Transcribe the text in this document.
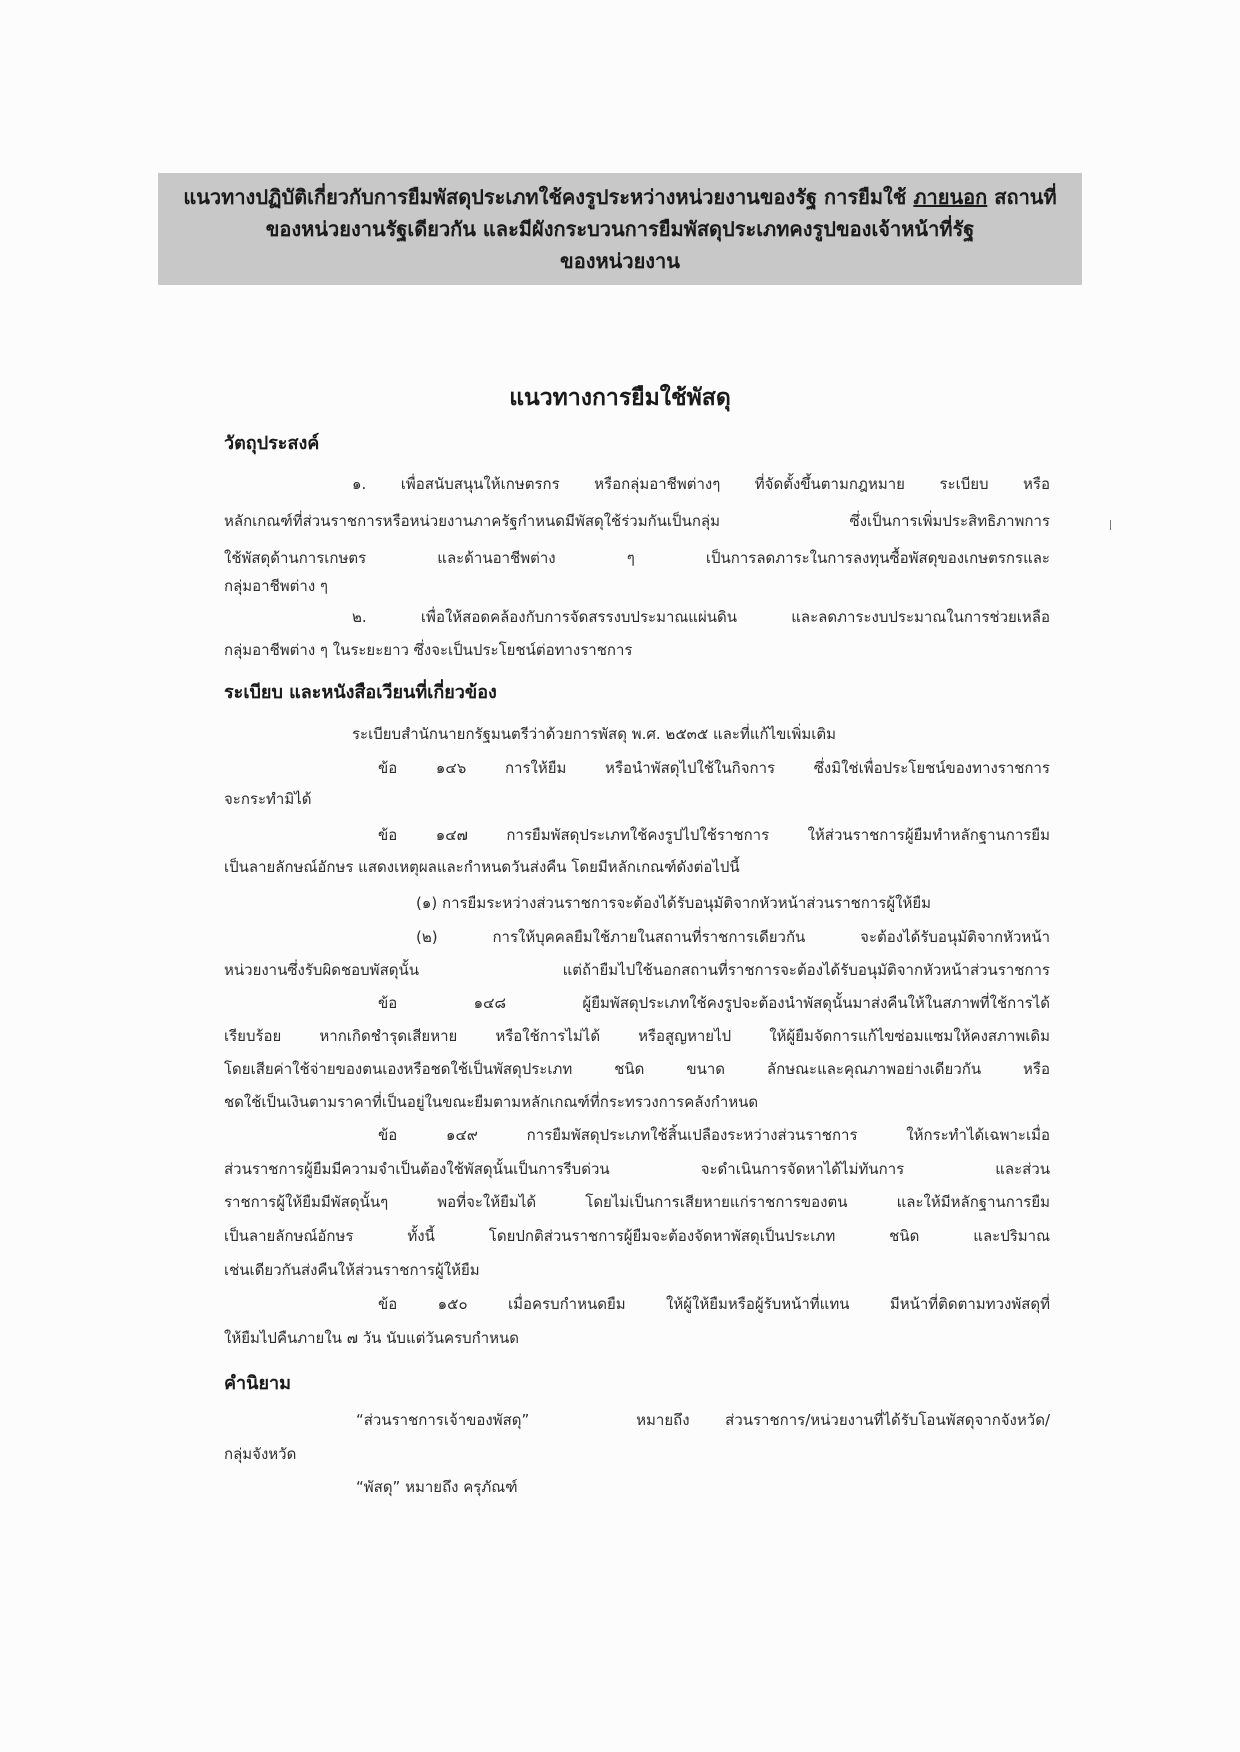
แนวทางปฏิบัติเกี่ยวกับการยืมพัสดุประเภทใช้คงรูประหว่างหน่วยงานของรัฐ การยืมใช้ ภายนอก สถานที่
ของหน่วยงานรัฐเดียวกัน และมีผังกระบวนการยืมพัสดุประเภทคงรูปของเจ้าหน้าที่รัฐ
ของหน่วยงาน
แนวทางการยืมใช้พัสดุ
วัตถุประสงค์
๑. เพื่อสนับสนุนให้เกษตรกร หรือกลุ่มอาชีพต่างๆ ที่จัดตั้งขึ้นตามกฎหมาย ระเบียบ หรือ
หลักเกณฑ์ที่ส่วนราชการหรือหน่วยงานภาครัฐกำหนดมีพัสดุใช้ร่วมกันเป็นกลุ่ม ซึ่งเป็นการเพิ่มประสิทธิภาพการ
ใช้พัสดุด้านการเกษตร และด้านอาชีพต่าง ๆ เป็นการลดภาระในการลงทุนซื้อพัสดุของเกษตรกรและ
กลุ่มอาชีพต่าง ๆ
๒. เพื่อให้สอดคล้องกับการจัดสรรงบประมาณแผ่นดิน และลดภาระงบประมาณในการช่วยเหลือ
กลุ่มอาชีพต่าง ๆ ในระยะยาว ซึ่งจะเป็นประโยชน์ต่อทางราชการ
ระเบียบ และหนังสือเวียนที่เกี่ยวข้อง
ระเบียบสำนักนายกรัฐมนตรีว่าด้วยการพัสดุ พ.ศ. ๒๕๓๕ และที่แก้ไขเพิ่มเติม
ข้อ ๑๔๖ การให้ยืม หรือนำพัสดุไปใช้ในกิจการ ซึ่งมิใช่เพื่อประโยชน์ของทางราชการ
จะกระทำมิได้
ข้อ ๑๔๗ การยืมพัสดุประเภทใช้คงรูปไปใช้ราชการ ให้ส่วนราชการผู้ยืมทำหลักฐานการยืม
เป็นลายลักษณ์อักษร แสดงเหตุผลและกำหนดวันส่งคืน โดยมีหลักเกณฑ์ดังต่อไปนี้
(๑) การยืมระหว่างส่วนราชการจะต้องได้รับอนุมัติจากหัวหน้าส่วนราชการผู้ให้ยืม
(๒) การให้บุคคลยืมใช้ภายในสถานที่ราชการเดียวกัน จะต้องได้รับอนุมัติจากหัวหน้า
หน่วยงานซึ่งรับผิดชอบพัสดุนั้น แต่ถ้ายืมไปใช้นอกสถานที่ราชการจะต้องได้รับอนุมัติจากหัวหน้าส่วนราชการ
ข้อ ๑๔๘ ผู้ยืมพัสดุประเภทใช้คงรูปจะต้องนำพัสดุนั้นมาส่งคืนให้ในสภาพที่ใช้การได้
เรียบร้อย หากเกิดชำรุดเสียหาย หรือใช้การไม่ได้ หรือสูญหายไป ให้ผู้ยืมจัดการแก้ไขซ่อมแซมให้คงสภาพเดิม
โดยเสียค่าใช้จ่ายของตนเองหรือชดใช้เป็นพัสดุประเภท ชนิด ขนาด ลักษณะและคุณภาพอย่างเดียวกัน หรือ
ชดใช้เป็นเงินตามราคาที่เป็นอยู่ในขณะยืมตามหลักเกณฑ์ที่กระทรวงการคลังกำหนด
ข้อ ๑๔๙ การยืมพัสดุประเภทใช้สิ้นเปลืองระหว่างส่วนราชการ ให้กระทำได้เฉพาะเมื่อ
ส่วนราชการผู้ยืมมีความจำเป็นต้องใช้พัสดุนั้นเป็นการรีบด่วน จะดำเนินการจัดหาได้ไม่ทันการ และส่วน
ราชการผู้ให้ยืมมีพัสดุนั้นๆ พอที่จะให้ยืมได้ โดยไม่เป็นการเสียหายแก่ราชการของตน และให้มีหลักฐานการยืม
เป็นลายลักษณ์อักษร ทั้งนี้ โดยปกติส่วนราชการผู้ยืมจะต้องจัดหาพัสดุเป็นประเภท ชนิด และปริมาณ
เช่นเดียวกันส่งคืนให้ส่วนราชการผู้ให้ยืม
ข้อ ๑๕๐ เมื่อครบกำหนดยืม ให้ผู้ให้ยืมหรือผู้รับหน้าที่แทน มีหน้าที่ติดตามทวงพัสดุที่
ให้ยืมไปคืนภายใน ๗ วัน นับแต่วันครบกำหนด
คำนิยาม
“ส่วนราชการเจ้าของพัสดุ”   หมายถึง ส่วนราชการ/หน่วยงานที่ได้รับโอนพัสดุจากจังหวัด/
กลุ่มจังหวัด
“พัสดุ” หมายถึง ครุภัณฑ์
